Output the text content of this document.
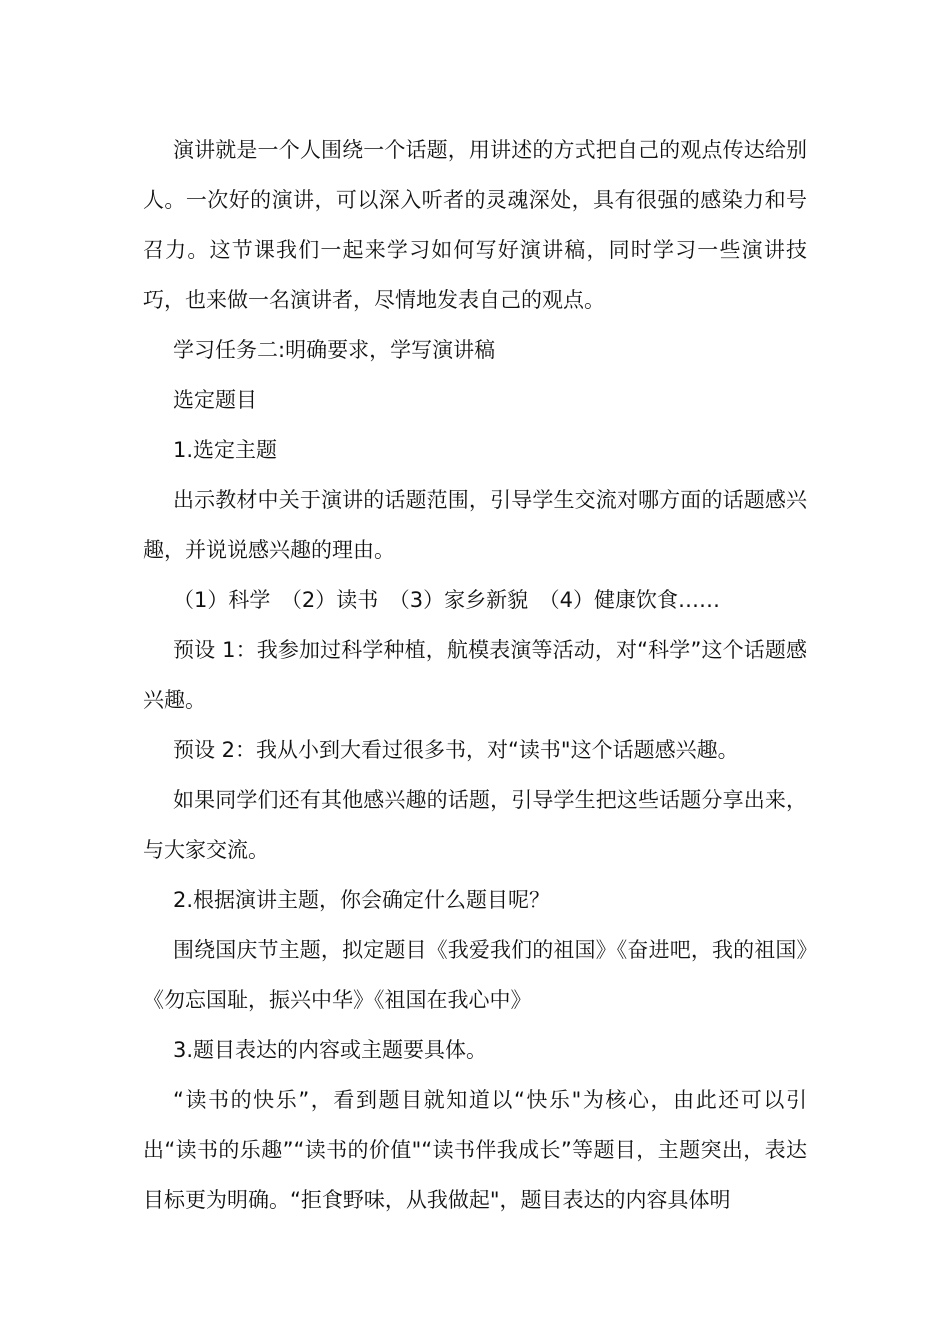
演讲就是一个人围绕一个话题，用讲述的方式把自己的观点传达给别人。一次好的演讲，可以深入听者的灵魂深处，具有很强的感染力和号召力。这节课我们一起来学习如何写好演讲稿，同时学习一些演讲技巧，也来做一名演讲者，尽情地发表自己的观点。

学习任务二:明确要求，学写演讲稿

选定题目

1.选定主题

出示教材中关于演讲的话题范围，引导学生交流对哪方面的话题感兴趣，并说说感兴趣的理由。

（1）科学　（2）读书　（3）家乡新貌　（4）健康饮食……

预设 1：我参加过科学种植，航模表演等活动，对“科学”这个话题感兴趣。

预设 2：我从小到大看过很多书，对“读书"这个话题感兴趣。

如果同学们还有其他感兴趣的话题，引导学生把这些话题分享出来，与大家交流。

2.根据演讲主题，你会确定什么题目呢？

围绕国庆节主题，拟定题目《我爱我们的祖国》《奋进吧，我的祖国》《勿忘国耻，振兴中华》《祖国在我心中》

3.题目表达的内容或主题要具体。

“读书的快乐”，看到题目就知道以“快乐"为核心，由此还可以引出“读书的乐趣”“读书的价值"“读书伴我成长”等题目，主题突出，表达目标更为明确。“拒食野味，从我做起"，题目表达的内容具体明
